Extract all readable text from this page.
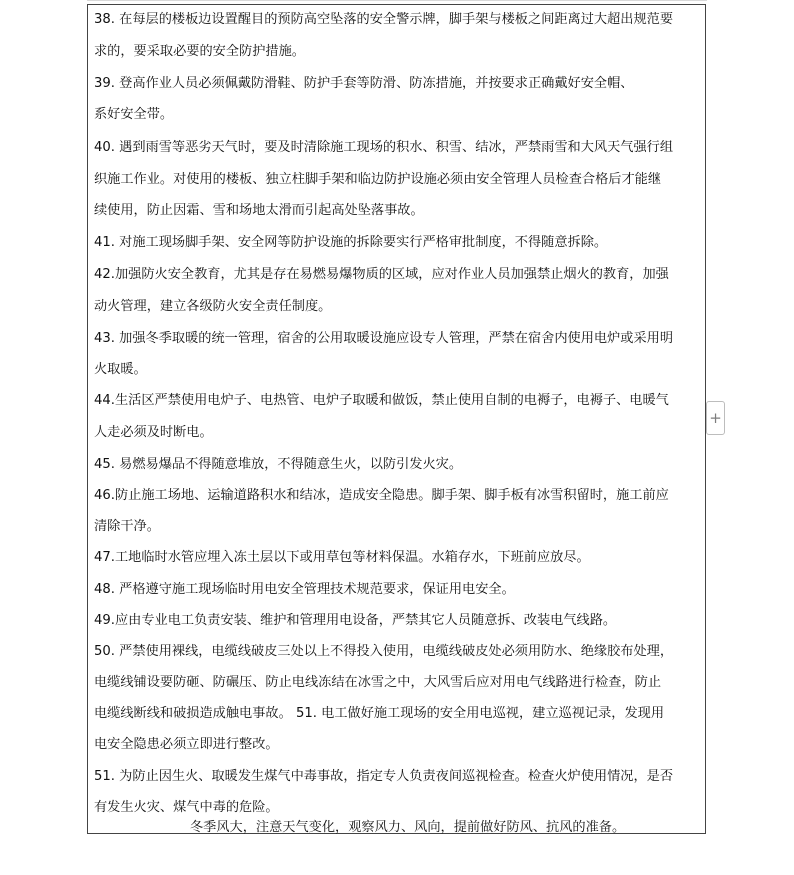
38. 在每层的楼板边设置醒目的预防高空坠落的安全警示牌，脚手架与楼板之间距离过大超出规范要
求的，要采取必要的安全防护措施。
39. 登高作业人员必须佩戴防滑鞋、防护手套等防滑、防冻措施，并按要求正确戴好安全帽、
系好安全带。
40. 遇到雨雪等恶劣天气时，要及时清除施工现场的积水、积雪、结冰，严禁雨雪和大风天气强行组
织施工作业。对使用的楼板、独立柱脚手架和临边防护设施必须由安全管理人员检查合格后才能继
续使用，防止因霜、雪和场地太滑而引起高处坠落事故。
41. 对施工现场脚手架、安全网等防护设施的拆除要实行严格审批制度，不得随意拆除。
42.加强防火安全教育，尤其是存在易燃易爆物质的区域，应对作业人员加强禁止烟火的教育，加强
动火管理，建立各级防火安全责任制度。
43. 加强冬季取暖的统一管理，宿舍的公用取暖设施应设专人管理，严禁在宿舍内使用电炉或采用明
火取暖。
44.生活区严禁使用电炉子、电热管、电炉子取暖和做饭，禁止使用自制的电褥子，电褥子、电暖气
人走必须及时断电。
45. 易燃易爆品不得随意堆放，不得随意生火，以防引发火灾。
46.防止施工场地、运输道路积水和结冰，造成安全隐患。脚手架、脚手板有冰雪积留时，施工前应
清除干净。
47.工地临时水管应埋入冻土层以下或用草包等材料保温。水箱存水，下班前应放尽。
48. 严格遵守施工现场临时用电安全管理技术规范要求，保证用电安全。
49.应由专业电工负责安装、维护和管理用电设备，严禁其它人员随意拆、改装电气线路。
50. 严禁使用裸线，电缆线破皮三处以上不得投入使用，电缆线破皮处必须用防水、绝缘胶布处理，
电缆线铺设要防砸、防碾压、防止电线冻结在冰雪之中，大风雪后应对用电气线路进行检查，防止
电缆线断线和破损造成触电事故。 51. 电工做好施工现场的安全用电巡视，建立巡视记录，发现用
电安全隐患必须立即进行整改。
51. 为防止因生火、取暖发生煤气中毒事故，指定专人负责夜间巡视检查。检查火炉使用情况，是否
有发生火灾、煤气中毒的危险。
冬季风大，注意天气变化，观察风力、风向，提前做好防风、抗风的准备。
+
